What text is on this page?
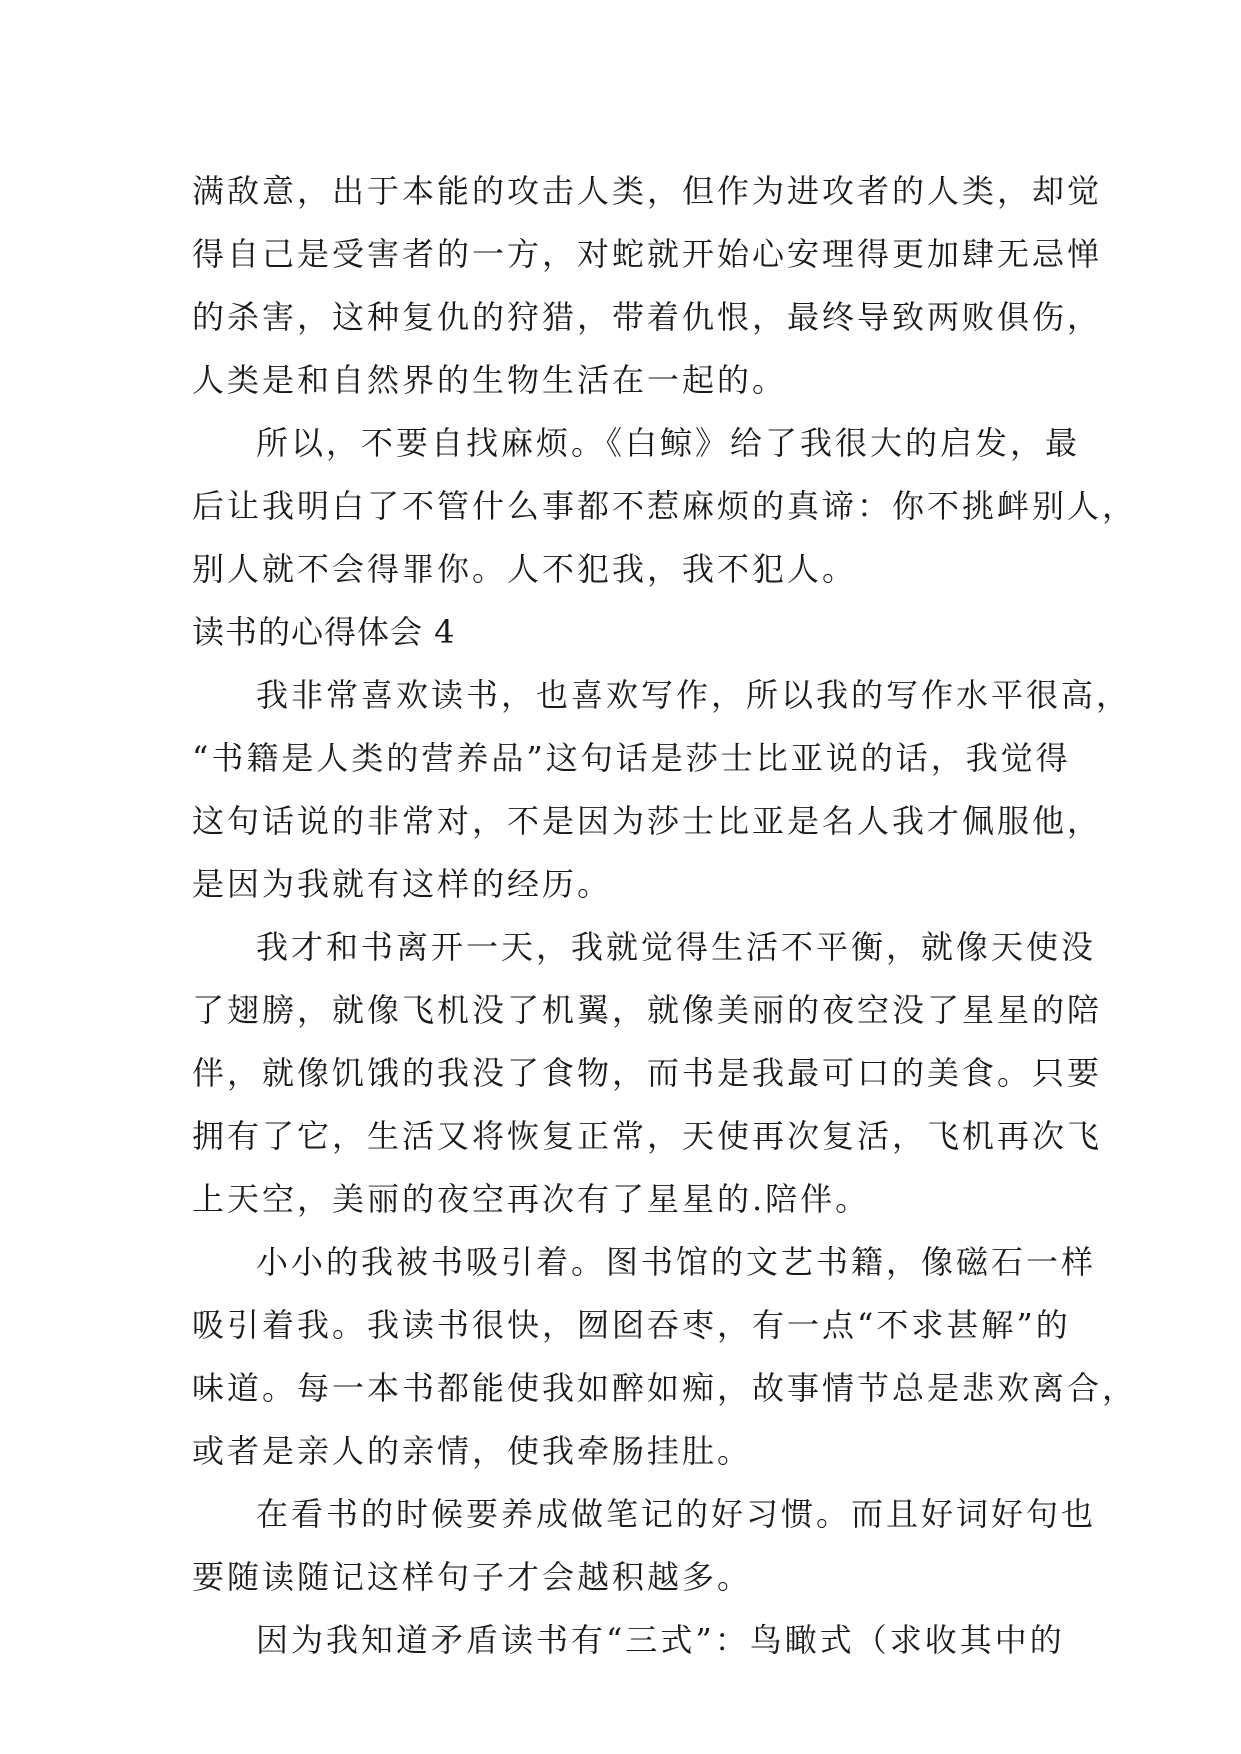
满敌意，出于本能的攻击人类，但作为进攻者的人类，却觉
得自己是受害者的一方，对蛇就开始心安理得更加肆无忌惮
的杀害，这种复仇的狩猎，带着仇恨，最终导致两败俱伤，
人类是和自然界的生物生活在一起的。
所以，不要自找麻烦。《白鲸》给了我很大的启发，最
后让我明白了不管什么事都不惹麻烦的真谛：你不挑衅别人，
别人就不会得罪你。人不犯我，我不犯人。
读书的心得体会 4
我非常喜欢读书，也喜欢写作，所以我的写作水平很高，
“书籍是人类的营养品”这句话是莎士比亚说的话，我觉得
这句话说的非常对，不是因为莎士比亚是名人我才佩服他，
是因为我就有这样的经历。
我才和书离开一天，我就觉得生活不平衡，就像天使没
了翅膀，就像飞机没了机翼，就像美丽的夜空没了星星的陪
伴，就像饥饿的我没了食物，而书是我最可口的美食。只要
拥有了它，生活又将恢复正常，天使再次复活，飞机再次飞
上天空，美丽的夜空再次有了星星的.陪伴。
小小的我被书吸引着。图书馆的文艺书籍，像磁石一样
吸引着我。我读书很快，囫囵吞枣，有一点“不求甚解”的
味道。每一本书都能使我如醉如痴，故事情节总是悲欢离合，
或者是亲人的亲情，使我牵肠挂肚。
在看书的时候要养成做笔记的好习惯。而且好词好句也
要随读随记这样句子才会越积越多。
因为我知道矛盾读书有“三式”：鸟瞰式（求收其中的
